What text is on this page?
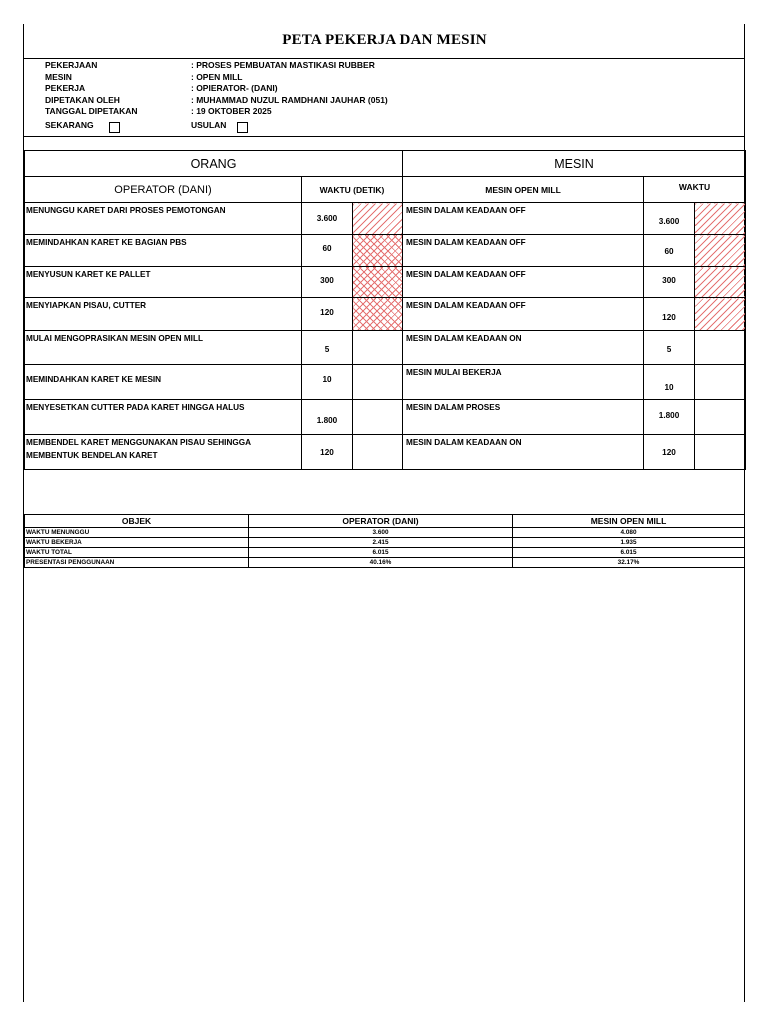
PETA PEKERJA DAN MESIN
PEKERJAAN	: PROSES PEMBUATAN MASTIKASI RUBBER
MESIN	: OPEN MILL
PEKERJA	: OPIERATOR- (DANI)
DIPETAKAN OLEH	: MUHAMMAD NUZUL RAMDHANI JAUHAR (051)
TANGGAL DIPETAKAN	: 19 OKTOBER 2025
SEKARANG	USULAN
ORANG			MESIN		
OPERATOR (DANI)	WAKTU (DETIK)		MESIN OPEN MILL	WAKTU	
MENUNGGU KARET DARI PROSES PEMOTONGAN	3.600		MESIN DALAM KEADAAN OFF	3.600	
MEMINDAHKAN KARET KE BAGIAN PBS	60		MESIN DALAM KEADAAN OFF	60	
MENYUSUN KARET KE PALLET	300		MESIN DALAM KEADAAN OFF	300	
MENYIAPKAN PISAU, CUTTER	120		MESIN DALAM KEADAAN OFF	120	
MULAI MENGOPRASIKAN MESIN OPEN MILL	5		MESIN DALAM KEADAAN ON	5	
MEMINDAHKAN KARET KE MESIN	10		MESIN MULAI BEKERJA	10	
MENYESETKAN CUTTER PADA KARET HINGGA HALUS	1.800		MESIN DALAM PROSES	1.800	
MEMBENDEL KARET MENGGUNAKAN PISAU SEHINGGA MEMBENTUK BENDELAN KARET	120		MESIN DALAM KEADAAN ON	120	
OBJEK	OPERATOR (DANI)	MESIN OPEN MILL
WAKTU MENUNGGU	3.600	4.080
WAKTU BEKERJA	2.415	1.935
WAKTU TOTAL	6.015	6.015
PRESENTASI PENGGUNAAN	40.16%	32.17%
